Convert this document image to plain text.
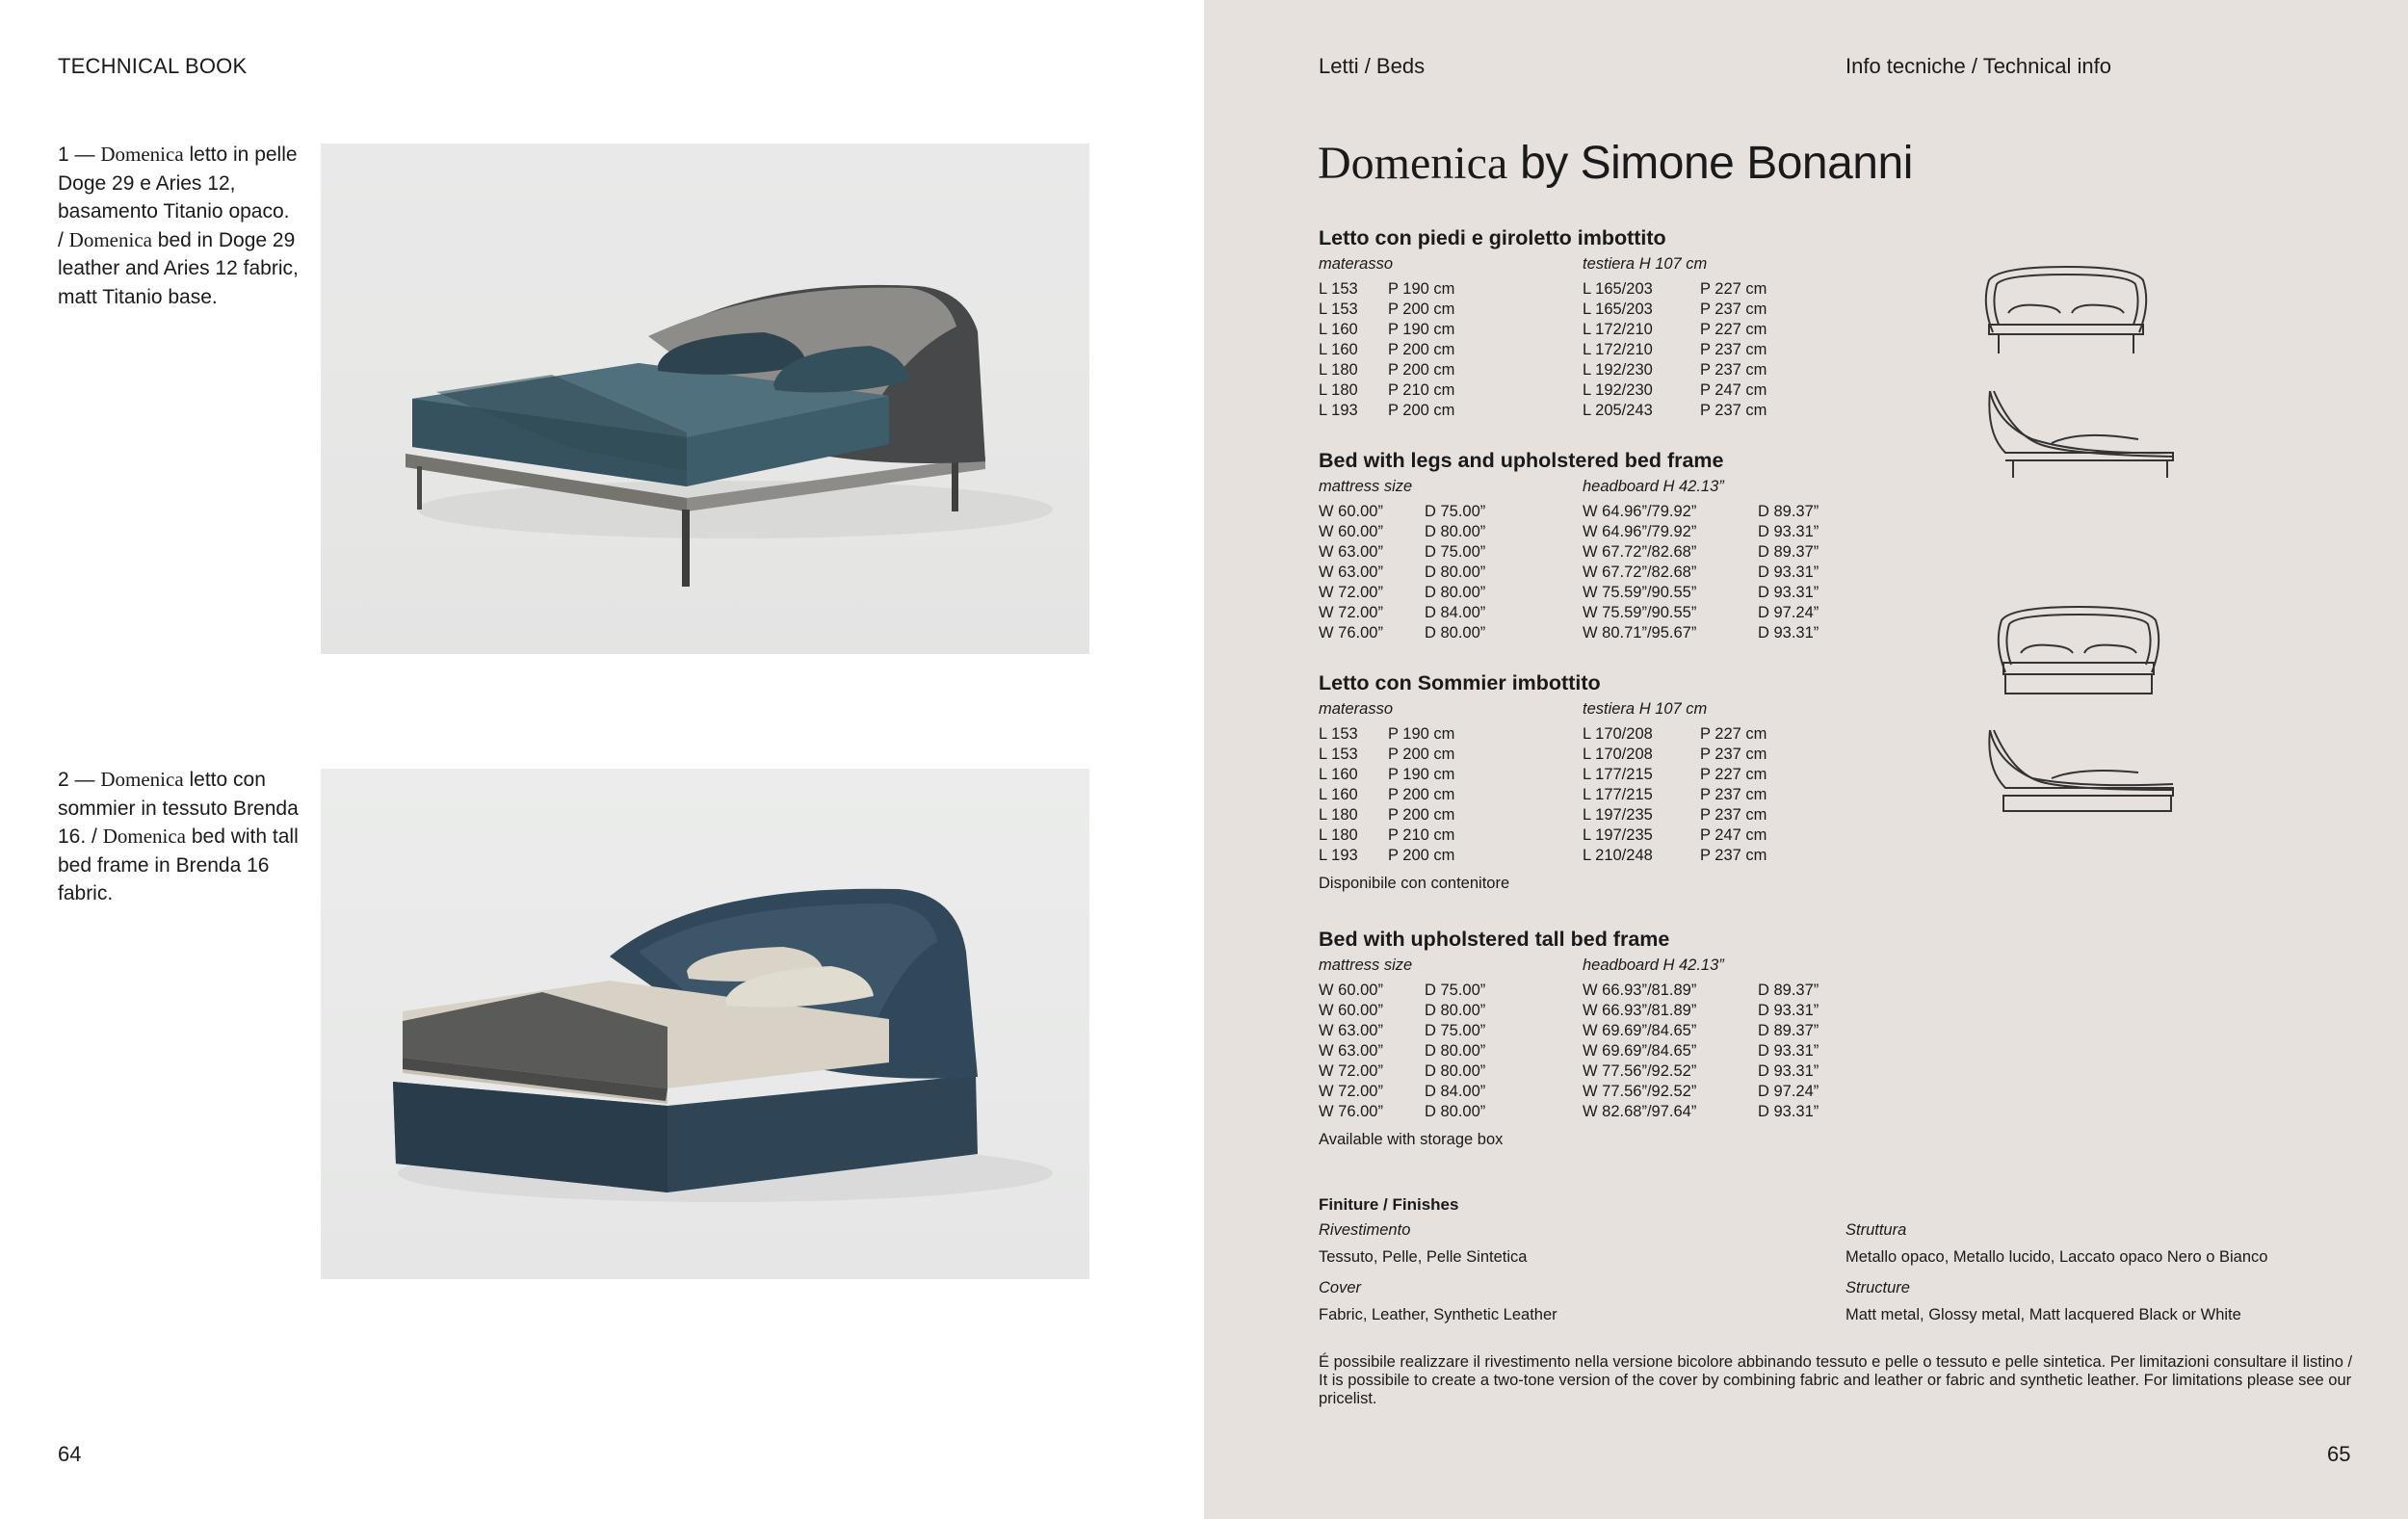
TECHNICAL BOOK
1 — Domenica letto in pelle Doge 29 e Aries 12, basamento Titanio opaco. / Domenica bed in Doge 29 leather and Aries 12 fabric, matt Titanio base.
2 — Domenica letto con sommier in tessuto Brenda 16. / Domenica bed with tall bed frame in Brenda 16 fabric.
64
Letti / Beds	Info tecniche / Technical info
Domenica by Simone Bonanni
Letto con piedi e giroletto imbottito
materasso	testiera H 107 cm
L 153 P 190 cm	L 165/203	P 227 cm
L 153 P 200 cm	L 165/203	P 237 cm
L 160 P 190 cm	L 172/210	P 227 cm
L 160 P 200 cm	L 172/210	P 237 cm
L 180 P 200 cm	L 192/230	P 237 cm
L 180 P 210 cm	L 192/230	P 247 cm
L 193 P 200 cm	L 205/243	P 237 cm
Bed with legs and upholstered bed frame
mattress size	headboard H 42.13”
W 60.00”	D 75.00”	W 64.96”/79.92”	D 89.37”
W 60.00”	D 80.00”	W 64.96”/79.92”	D 93.31”
W 63.00”	D 75.00”	W 67.72”/82.68”	D 89.37”
W 63.00”	D 80.00”	W 67.72”/82.68”	D 93.31”
W 72.00”	D 80.00”	W 75.59”/90.55”	D 93.31”
W 72.00”	D 84.00”	W 75.59”/90.55”	D 97.24”
W 76.00”	D 80.00”	W 80.71”/95.67”	D 93.31”
Letto con Sommier imbottito
materasso	testiera H 107 cm
L 153 P 190 cm	L 170/208	P 227 cm
L 153 P 200 cm	L 170/208	P 237 cm
L 160 P 190 cm	L 177/215	P 227 cm
L 160 P 200 cm	L 177/215	P 237 cm
L 180 P 200 cm	L 197/235	P 237 cm
L 180 P 210 cm	L 197/235	P 247 cm
L 193 P 200 cm	L 210/248	P 237 cm
Disponibile con contenitore
Bed with upholstered tall bed frame
mattress size	headboard H 42.13”
W 60.00”	D 75.00”	W 66.93”/81.89”	D 89.37”
W 60.00”	D 80.00”	W 66.93”/81.89”	D 93.31”
W 63.00”	D 75.00”	W 69.69”/84.65”	D 89.37”
W 63.00”	D 80.00”	W 69.69”/84.65”	D 93.31”
W 72.00”	D 80.00”	W 77.56”/92.52”	D 93.31”
W 72.00”	D 84.00”	W 77.56”/92.52”	D 97.24”
W 76.00”	D 80.00”	W 82.68”/97.64”	D 93.31”
Available with storage box
Finiture / Finishes
Rivestimento
Tessuto, Pelle, Pelle Sintetica
Cover
Fabric, Leather, Synthetic Leather
Struttura
Metallo opaco, Metallo lucido, Laccato opaco Nero o Bianco
Structure
Matt metal, Glossy metal, Matt lacquered Black or White
É possibile realizzare il rivestimento nella versione bicolore abbinando tessuto e pelle o tessuto e pelle sintetica. Per limitazioni consultare il listino / It is possibile to create a two-tone version of the cover by combining fabric and leather or fabric and synthetic leather. For limitations please see our pricelist.
65
